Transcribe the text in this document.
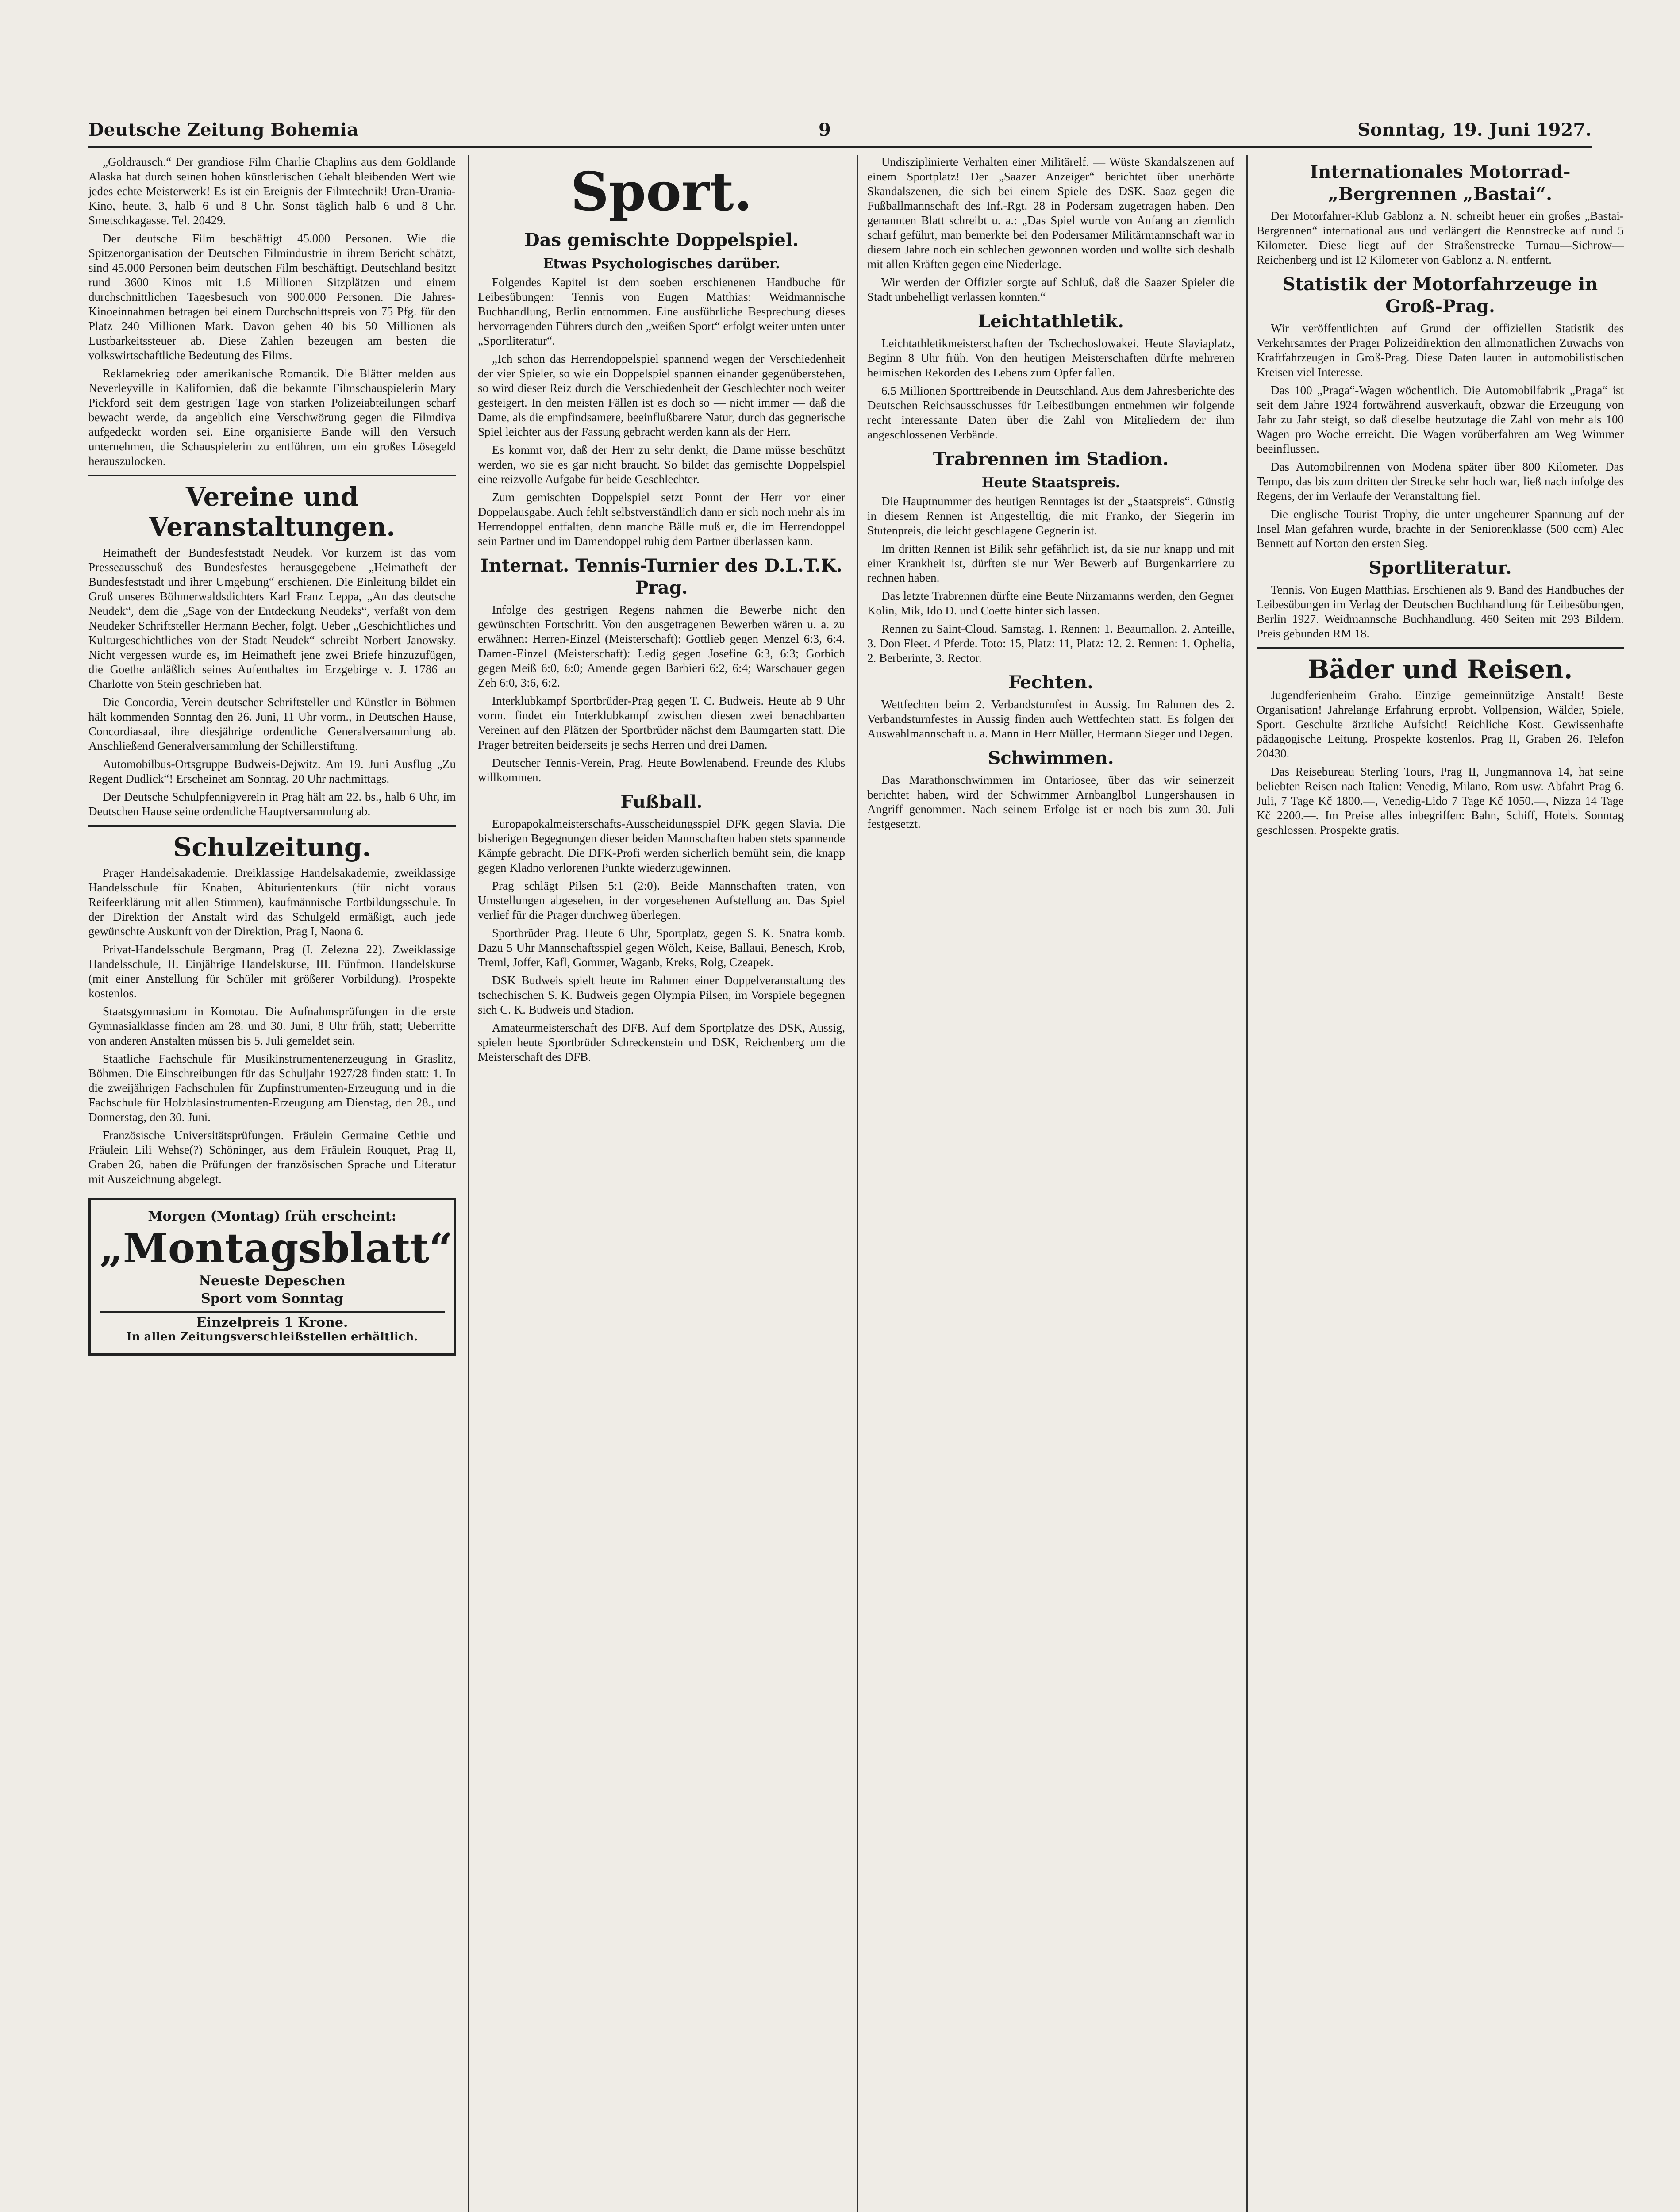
Deutsche Zeitung Bohemia	9	Sonntag, 19. Juni 1927.

„Goldrausch.“ Der grandiose Film Charlie Chaplins aus dem Goldlande Alaska hat durch seinen hohen künstlerischen Gehalt bleibenden Wert wie jedes echte Meisterwerk! Es ist ein Ereignis der Filmtechnik! Uran-Urania-Kino, heute, 3, halb 6 und 8 Uhr. Sonst täglich halb 6 und 8 Uhr. Smetschkagasse. Tel. 20429.

Der deutsche Film beschäftigt 45.000 Personen. Wie die Spitzenorganisation der Deutschen Filmindustrie in ihrem Bericht schätzt, sind 45.000 Personen beim deutschen Film beschäftigt. Deutschland besitzt rund 3600 Kinos mit 1.6 Millionen Sitzplätzen und einem durchschnittlichen Tagesbesuch von 900.000 Personen. Die Jahres-Kinoeinnahmen betragen bei einem Durchschnittspreis von 75 Pfg. für den Platz 240 Millionen Mark. Davon gehen 40 bis 50 Millionen als Lustbarkeitssteuer ab. Diese Zahlen bezeugen am besten die volkswirtschaftliche Bedeutung des Films.

Reklamekrieg oder amerikanische Romantik. Die Blätter melden aus Neverleyville in Kalifornien, daß die bekannte Filmschauspielerin Mary Pickford seit dem gestrigen Tage von starken Polizeiabteilungen scharf bewacht werde, da angeblich eine Verschwörung gegen die Filmdiva aufgedeckt worden sei. Eine organisierte Bande will den Versuch unternehmen, die Schauspielerin zu entführen, um ein großes Lösegeld herauszulocken.

Vereine und Veranstaltungen.

Heimatheft der Bundesfeststadt Neudek. Vor kurzem ist das vom Presseausschuß des Bundesfestes herausgegebene „Heimatheft der Bundesfeststadt und ihrer Umgebung“ erschienen. Die Einleitung bildet ein Gruß unseres Böhmerwaldsdichters Karl Franz Leppa, „An das deutsche Neudek“, dem die „Sage von der Entdeckung Neudeks“, verfaßt von dem Neudeker Schriftsteller Hermann Becher, folgt. Ueber „Geschichtliches und Kulturgeschichtliches von der Stadt Neudek“ schreibt Norbert Janowsky. Nicht vergessen wurde es, im Heimatheft jene zwei Briefe hinzuzufügen, die Goethe anläßlich seines Aufenthaltes im Erzgebirge v. J. 1786 an Charlotte von Stein geschrieben hat.

Die Concordia, Verein deutscher Schriftsteller und Künstler in Böhmen hält kommenden Sonntag den 26. Juni, 11 Uhr vorm., in Deutschen Hause, Concordiasaal, ihre diesjährige ordentliche Generalversammlung ab. Anschließend Generalversammlung der Schillerstiftung.

Automobilbus-Ortsgruppe Budweis-Dejwitz. Am 19. Juni Ausflug „Zu Regent Dudlick“! Erscheinet am Sonntag. 20 Uhr nachmittags.

Der Deutsche Schulpfennigverein in Prag hält am 22. bs., halb 6 Uhr, im Deutschen Hause seine ordentliche Hauptversammlung ab.

Schulzeitung.

Prager Handelsakademie. Dreiklassige Handelsakademie, zweiklassige Handelsschule für Knaben, Abiturientenkurs (für nicht voraus Reifeerklärung mit allen Stimmen), kaufmännische Fortbildungsschule. In der Direktion der Anstalt wird das Schulgeld ermäßigt, auch jede gewünschte Auskunft von der Direktion, Prag I, Naona 6.

Privat-Handelsschule Bergmann, Prag (I. Zelezna 22). Zweiklassige Handelsschule, II. Einjährige Handelskurse, III. Fünfmon. Handelskurse (mit einer Anstellung für Schüler mit größerer Vorbildung). Prospekte kostenlos.

Staatsgymnasium in Komotau. Die Aufnahmsprüfungen in die erste Gymnasialklasse finden am 28. und 30. Juni, 8 Uhr früh, statt; Ueberritte von anderen Anstalten müssen bis 5. Juli gemeldet sein.

Staatliche Fachschule für Musikinstrumentenerzeugung in Graslitz, Böhmen. Die Einschreibungen für das Schuljahr 1927/28 finden statt: 1. In die zweijährigen Fachschulen für Zupfinstrumenten-Erzeugung und in die Fachschule für Holzblasinstrumenten-Erzeugung am Dienstag, den 28., und Donnerstag, den 30. Juni.

Französische Universitätsprüfungen. Fräulein Germaine Cethie und Fräulein Lili Wehse(?) Schöninger, aus dem Fräulein Rouquet, Prag II, Graben 26, haben die Prüfungen der französischen Sprache und Literatur mit Auszeichnung abgelegt.

Morgen (Montag) früh erscheint:
„Montagsblatt“
Neueste Depeschen
Sport vom Sonntag
Einzelpreis 1 Krone.
In allen Zeitungsverschleißstellen erhältlich.
Sport.
Das gemischte Doppelspiel.
Etwas Psychologisches darüber.

Folgendes Kapitel ist dem soeben erschienenen Handbuche für Leibesübungen: Tennis von Eugen Matthias: Weidmannische Buchhandlung, Berlin entnommen. Eine ausführliche Besprechung dieses hervorragenden Führers durch den „weißen Sport“ erfolgt weiter unten unter „Sportliteratur“.

„Ich schon das Herrendoppelspiel spannend wegen der Verschiedenheit der vier Spieler, so wie ein Doppelspiel spannen einander gegenüberstehen, so wird dieser Reiz durch die Verschiedenheit der Geschlechter noch weiter gesteigert. In den meisten Fällen ist es doch so — nicht immer — daß die Dame, als die empfindsamere, beeinflußbarere Natur, durch das gegnerische Spiel leichter aus der Fassung gebracht werden kann als der Herr.

Es kommt vor, daß der Herr zu sehr denkt, die Dame müsse beschützt werden, wo sie es gar nicht braucht. So bildet das gemischte Doppelspiel eine reizvolle Aufgabe für beide Geschlechter.

Zum gemischten Doppelspiel setzt Ponnt der Herr vor einer Doppelausgabe. Auch fehlt selbstverständlich dann er sich noch mehr als im Herrendoppel entfalten, denn manche Bälle muß er, die im Herrendoppel sein Partner und im Damendoppel ruhig dem Partner überlassen kann.

Internat. Tennis-Turnier des D.L.T.K. Prag.

Infolge des gestrigen Regens nahmen die Bewerbe nicht den gewünschten Fortschritt. Von den ausgetragenen Bewerben wären u. a. zu erwähnen: Herren-Einzel (Meisterschaft): Gottlieb gegen Menzel 6:3, 6:4. Damen-Einzel (Meisterschaft): Ledig gegen Josefine 6:3, 6:3; Gorbich gegen Meiß 6:0, 6:0; Amende gegen Barbieri 6:2, 6:4; Warschauer gegen Zeh 6:0, 3:6, 6:2.

Interklubkampf Sportbrüder-Prag gegen T. C. Budweis. Heute ab 9 Uhr vorm. findet ein Interklubkampf zwischen diesen zwei benachbarten Vereinen auf den Plätzen der Sportbrüder nächst dem Baumgarten statt. Die Prager betreiten beiderseits je sechs Herren und drei Damen.

Deutscher Tennis-Verein, Prag. Heute Bowlenabend. Freunde des Klubs willkommen.

Fußball.

Europapokalmeisterschafts-Ausscheidungsspiel DFK gegen Slavia. Die bisherigen Begegnungen dieser beiden Mannschaften haben stets spannende Kämpfe gebracht. Die DFK-Profi werden sicherlich bemüht sein, die knapp gegen Kladno verlorenen Punkte wiederzugewinnen.

Prag schlägt Pilsen 5:1 (2:0). Beide Mannschaften traten, von Umstellungen abgesehen, in der vorgesehenen Aufstellung an. Das Spiel verlief für die Prager durchweg überlegen.

Sportbrüder Prag. Heute 6 Uhr, Sportplatz, gegen S. K. Snatra komb. Dazu 5 Uhr Mannschaftsspiel gegen Wölch, Keise, Ballaui, Benesch, Krob, Treml, Joffer, Kafl, Gommer, Waganb, Kreks, Rolg, Czeapek.

DSK Budweis spielt heute im Rahmen einer Doppelveranstaltung des tschechischen S. K. Budweis gegen Olympia Pilsen, im Vorspiele begegnen sich C. K. Budweis und Stadion.

Amateurmeisterschaft des DFB. Auf dem Sportplatze des DSK, Aussig, spielen heute Sportbrüder Schreckenstein und DSK, Reichenberg um die Meisterschaft des DFB.

Undisziplinierte Verhalten einer Militärelf. — Wüste Skandalszenen auf einem Sportplatz! Der „Saazer Anzeiger“ berichtet über unerhörte Skandalszenen, die sich bei einem Spiele des DSK. Saaz gegen die Fußballmannschaft des Inf.-Rgt. 28 in Podersam zugetragen haben. Den genannten Blatt schreibt u. a.: „Das Spiel wurde von Anfang an ziemlich scharf geführt, man bemerkte bei den Podersamer Militärmannschaft war in diesem Jahre noch ein schlechen gewonnen worden und wollte sich deshalb mit allen Kräften gegen eine Niederlage.

Wir werden der Offizier sorgte auf Schluß, daß die Saazer Spieler die Stadt unbehelligt verlassen konnten.“

Leichtathletik.

Leichtathletikmeisterschaften der Tschechoslowakei. Heute Slaviaplatz, Beginn 8 Uhr früh. Von den heutigen Meisterschaften dürfte mehreren heimischen Rekorden des Lebens zum Opfer fallen.

6.5 Millionen Sporttreibende in Deutschland. Aus dem Jahresberichte des Deutschen Reichsausschusses für Leibesübungen entnehmen wir folgende recht interessante Daten über die Zahl von Mitgliedern der ihm angeschlossenen Verbände.

Trabrennen im Stadion.
Heute Staatspreis.

Die Hauptnummer des heutigen Renntages ist der „Staatspreis“. Günstig in diesem Rennen ist Angestelltig, die mit Franko, der Siegerin im Stutenpreis, die leicht geschlagene Gegnerin ist.

Im dritten Rennen ist Bilik sehr gefährlich ist, da sie nur knapp und mit einer Krankheit ist, dürften sie nur Wer Bewerb auf Burgenkarriere zu rechnen haben.

Das letzte Trabrennen dürfte eine Beute Nirzamanns werden, den Gegner Kolin, Mik, Ido D. und Coette hinter sich lassen.

Rennen zu Saint-Cloud. Samstag. 1. Rennen: 1. Beaumallon, 2. Anteille, 3. Don Fleet. 4 Pferde. Toto: 15, Platz: 11, Platz: 12. 2. Rennen: 1. Ophelia, 2. Berberinte, 3. Rector.

Fechten.

Wettfechten beim 2. Verbandsturnfest in Aussig. Im Rahmen des 2. Verbandsturnfestes in Aussig finden auch Wettfechten statt. Es folgen der Auswahlmannschaft u. a. Mann in Herr Müller, Hermann Sieger und Degen.

Schwimmen.

Das Marathonschwimmen im Ontariosee, über das wir seinerzeit berichtet haben, wird der Schwimmer Arnbanglbol Lungershausen in Angriff genommen. Nach seinem Erfolge ist er noch bis zum 30. Juli festgesetzt.

Internationales Motorrad-„Bergrennen „Bastai“.

Der Motorfahrer-Klub Gablonz a. N. schreibt heuer ein großes „Bastai-Bergrennen“ international aus und verlängert die Rennstrecke auf rund 5 Kilometer. Diese liegt auf der Straßenstrecke Turnau—Sichrow—Reichenberg und ist 12 Kilometer von Gablonz a. N. entfernt.

Statistik der Motorfahrzeuge in Groß-Prag.

Wir veröffentlichten auf Grund der offiziellen Statistik des Verkehrsamtes der Prager Polizeidirektion den allmonatlichen Zuwachs von Kraftfahrzeugen in Groß-Prag. Diese Daten lauten in automobilistischen Kreisen viel Interesse.

Das 100 „Praga“-Wagen wöchentlich. Die Automobilfabrik „Praga“ ist seit dem Jahre 1924 fortwährend ausverkauft, obzwar die Erzeugung von Jahr zu Jahr steigt, so daß dieselbe heutzutage die Zahl von mehr als 100 Wagen pro Woche erreicht. Die Wagen vorüberfahren am Weg Wimmer beeinflussen.

Das Automobilrennen von Modena später über 800 Kilometer. Das Tempo, das bis zum dritten der Strecke sehr hoch war, ließ nach infolge des Regens, der im Verlaufe der Veranstaltung fiel.

Die englische Tourist Trophy, die unter ungeheurer Spannung auf der Insel Man gefahren wurde, brachte in der Seniorenklasse (500 ccm) Alec Bennett auf Norton den ersten Sieg.

Sportliteratur.

Tennis. Von Eugen Matthias. Erschienen als 9. Band des Handbuches der Leibesübungen im Verlag der Deutschen Buchhandlung für Leibesübungen, Berlin 1927. Weidmannsche Buchhandlung. 460 Seiten mit 293 Bildern. Preis gebunden RM 18.

Bäder und Reisen.

Jugendferienheim Graho. Einzige gemeinnützige Anstalt! Beste Organisation! Jahrelange Erfahrung erprobt. Vollpension, Wälder, Spiele, Sport. Geschulte ärztliche Aufsicht! Reichliche Kost. Gewissenhafte pädagogische Leitung. Prospekte kostenlos. Prag II, Graben 26. Telefon 20430.

Das Reisebureau Sterling Tours, Prag II, Jungmannova 14, hat seine beliebten Reisen nach Italien: Venedig, Milano, Rom usw. Abfahrt Prag 6. Juli, 7 Tage Kč 1800.—, Venedig-Lido 7 Tage Kč 1050.—, Nizza 14 Tage Kč 2200.—. Im Preise alles inbegriffen: Bahn, Schiff, Hotels. Sonntag geschlossen. Prospekte gratis.
